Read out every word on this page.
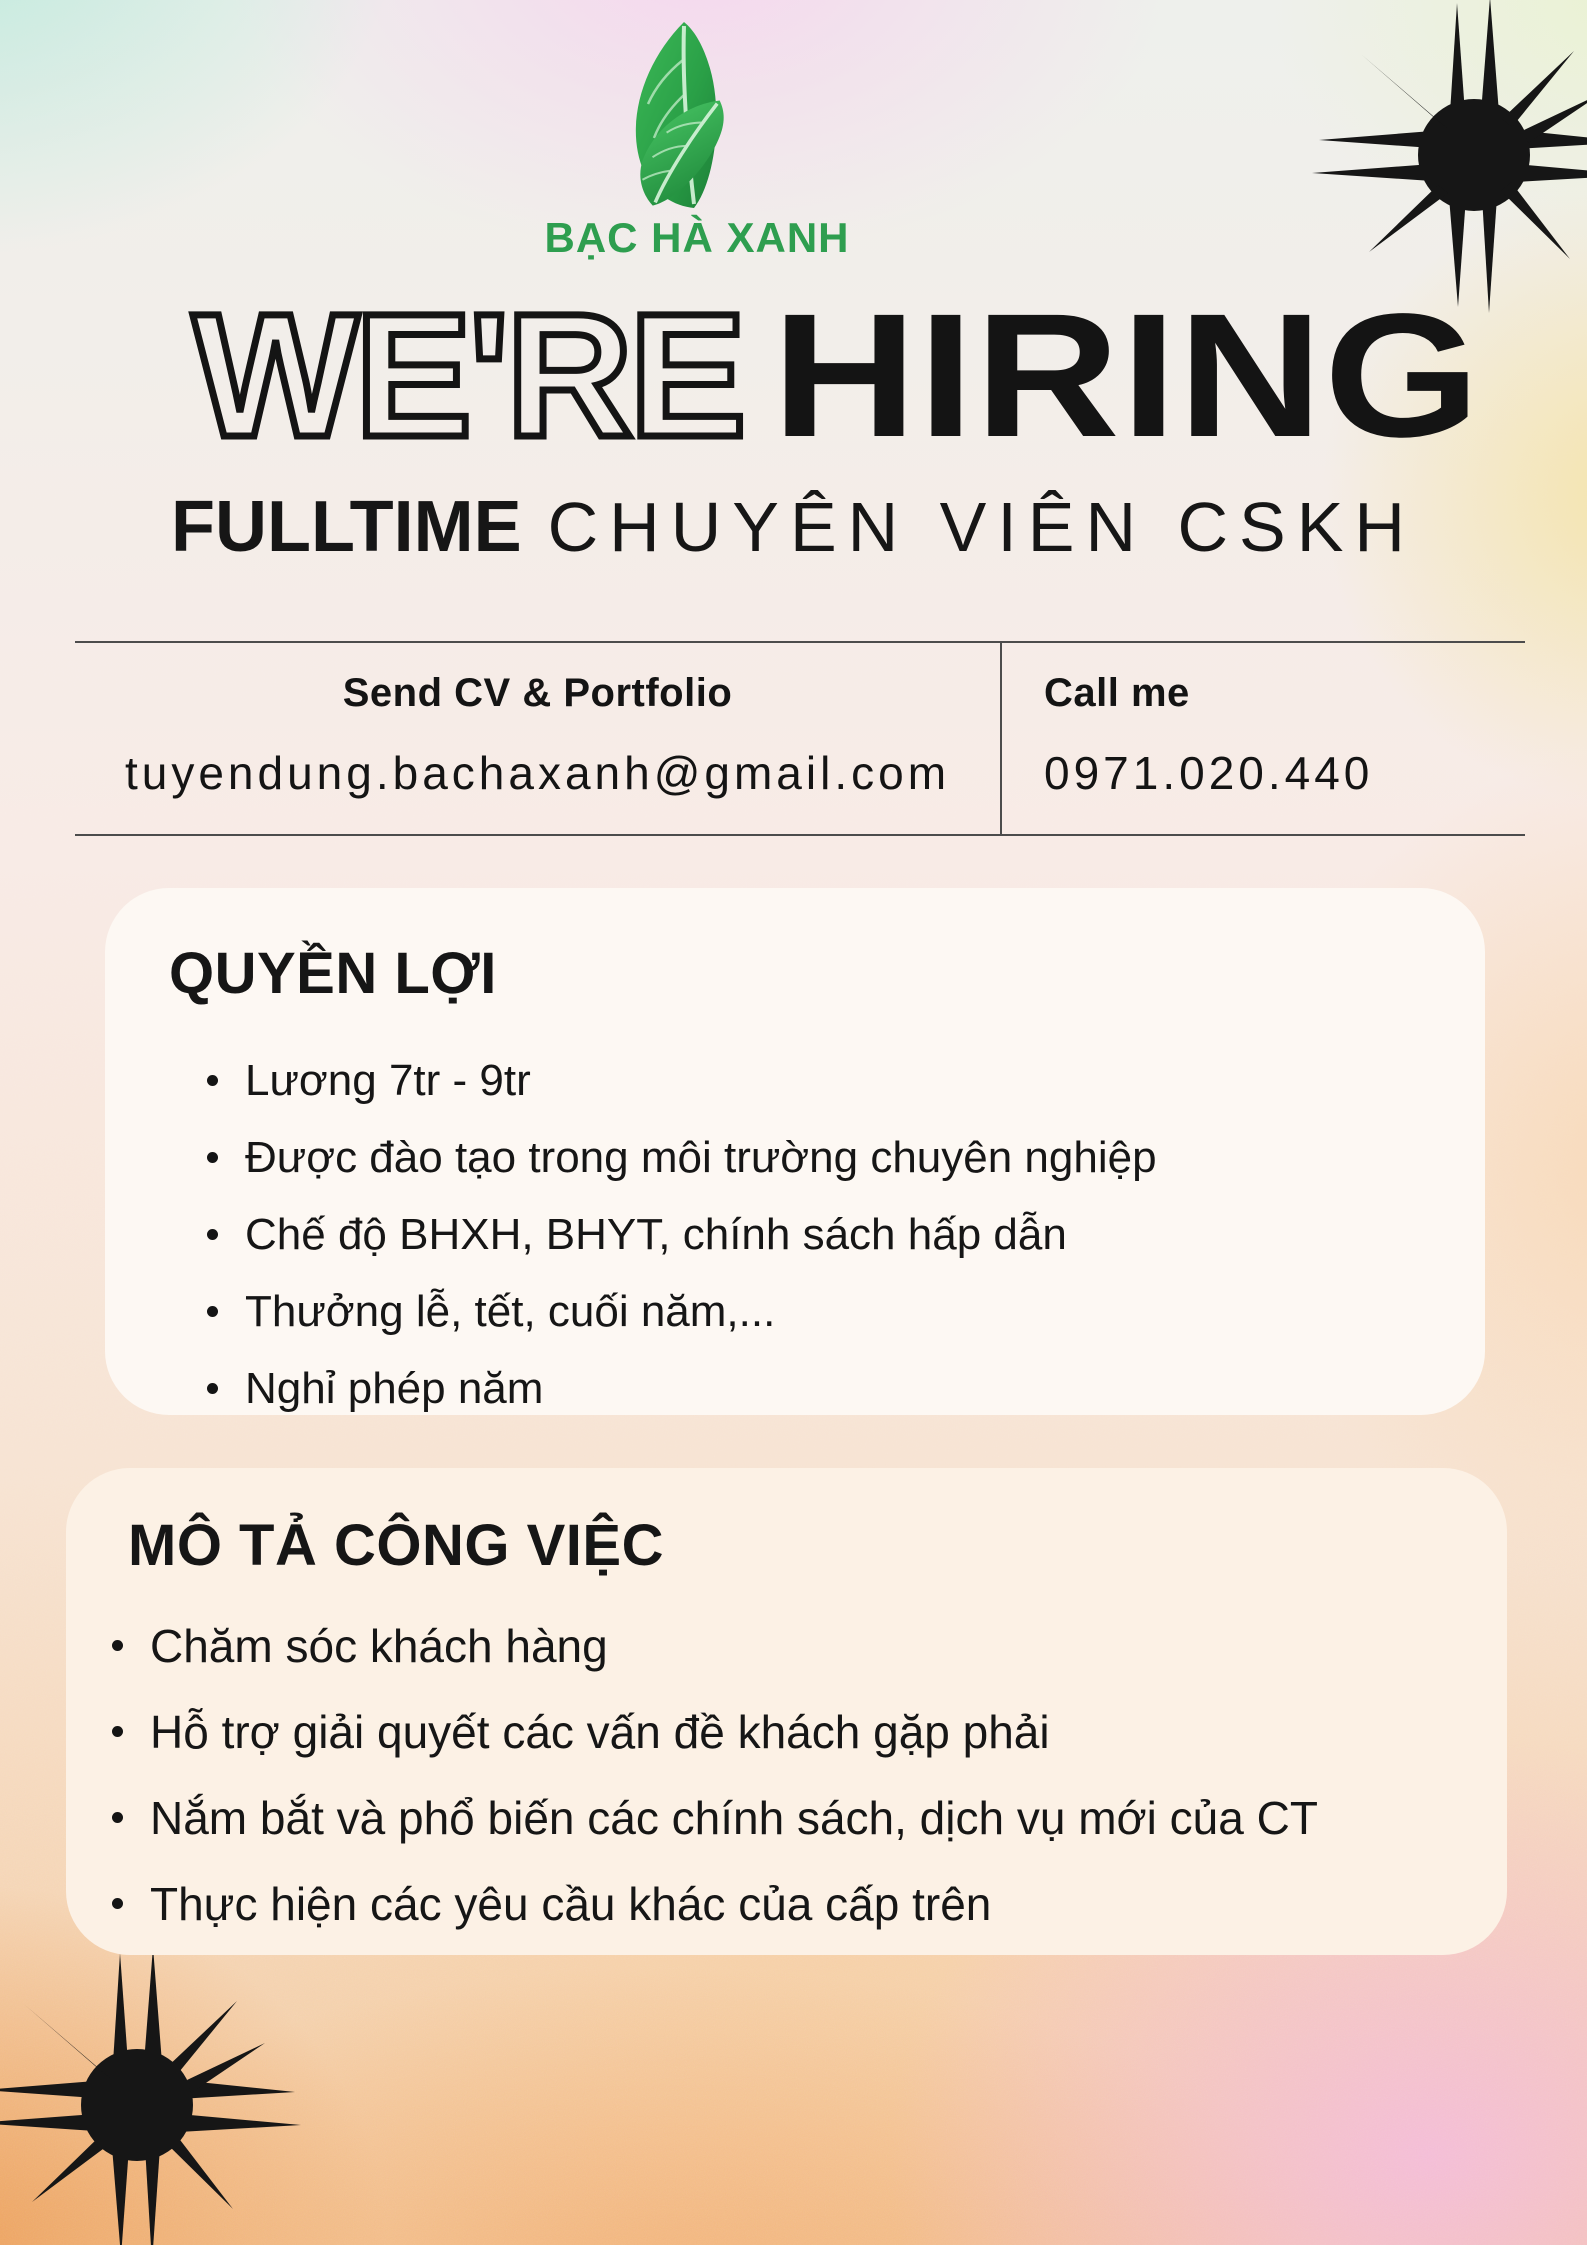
BẠC HÀ XANH
WE'RE HIRING
FULLTIME CHUYÊN VIÊN CSKH
Send CV & Portfolio
tuyendung.bachaxanh@gmail.com
Call me
0971.020.440
QUYỀN LỢI
Lương 7tr - 9tr
Được đào tạo trong môi trường chuyên nghiệp
Chế độ BHXH, BHYT, chính sách hấp dẫn
Thưởng lễ, tết, cuối năm,...
Nghỉ phép năm
MÔ TẢ CÔNG VIỆC
Chăm sóc khách hàng
Hỗ trợ giải quyết các vấn đề khách gặp phải
Nắm bắt và phổ biến các chính sách, dịch vụ mới của CT
Thực hiện các yêu cầu khác của cấp trên
